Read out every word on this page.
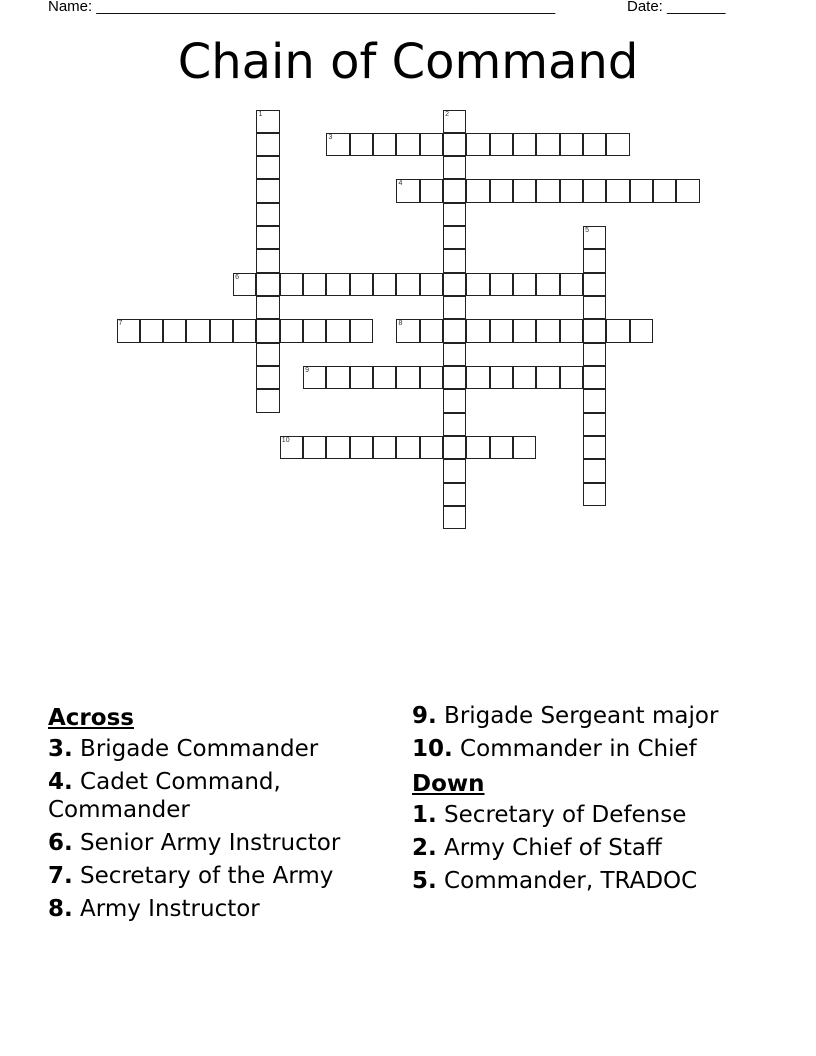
Name: _______________________________________________________	Date: _______
Chain of Command
1	2
3
4
5
6
7	8
9
10
Across
3. Brigade Commander
4. Cadet Command, Commander
6. Senior Army Instructor
7. Secretary of the Army
8. Army Instructor
9. Brigade Sergeant major
10. Commander in Chief
Down
1. Secretary of Defense
2. Army Chief of Staff
5. Commander, TRADOC
